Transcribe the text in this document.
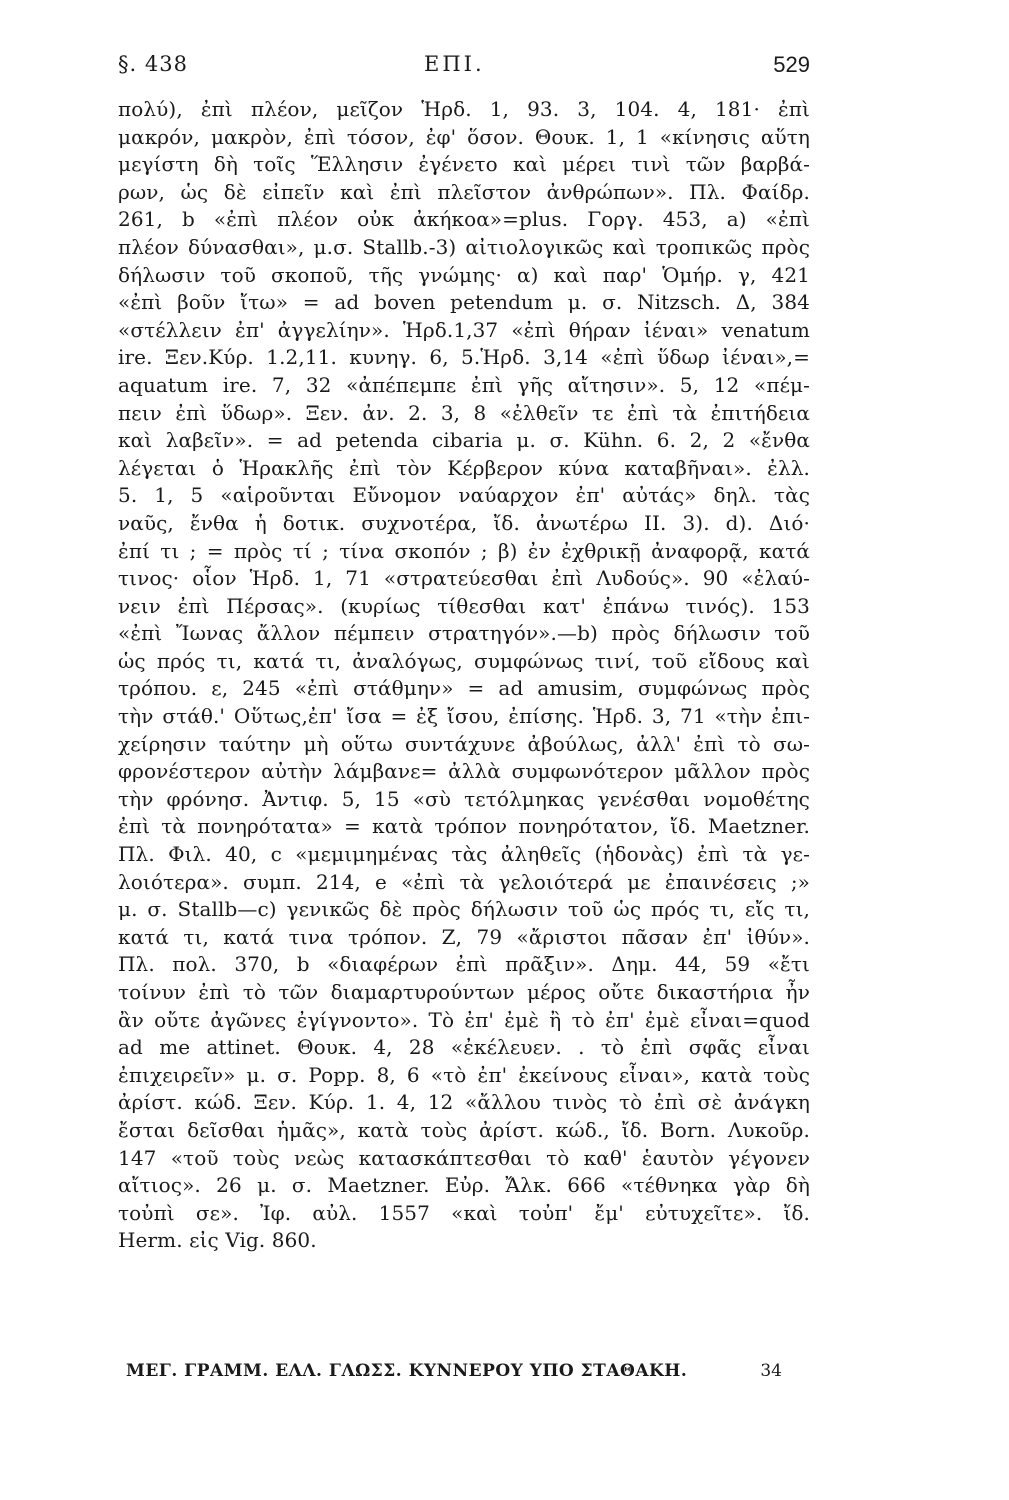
§. 438	ΕΠΙ.	529
πολύ), ἐπὶ πλέον, μεῖζον Ἡρδ. 1, 93. 3, 104. 4, 181· ἐπὶ
μακρόν, μακρὸν, ἐπὶ τόσον, ἐφ' ὅσον. Θουκ. 1, 1 «κίνησις αὕτη
μεγίστη δὴ τοῖς Ἕλλησιν ἐγένετο καὶ μέρει τινὶ τῶν βαρβά-
ρων, ὡς δὲ εἰπεῖν καὶ ἐπὶ πλεῖστον ἀνθρώπων». Πλ. Φαίδρ.
261, b «ἐπὶ πλέον οὐκ ἀκήκοα»=plus. Γοργ. 453, a) «ἐπὶ
πλέον δύνασθαι», μ.σ. Stallb.-3) αἰτιολογικῶς καὶ τροπικῶς πρὸς
δήλωσιν τοῦ σκοποῦ, τῆς γνώμης· α) καὶ παρ' Ὁμήρ. γ, 421
«ἐπὶ βοῦν ἴτω» = ad boven petendum μ. σ. Nitzsch. Δ, 384
«στέλλειν ἐπ' ἀγγελίην». Ἡρδ.1,37 «ἐπὶ θήραν ἰέναι» venatum
ire. Ξεν.Κύρ. 1.2,11. κυνηγ. 6, 5.Ἡρδ. 3,14 «ἐπὶ ὕδωρ ἰέναι»,=
aquatum ire. 7, 32 «ἀπέπεμπε ἐπὶ γῆς αἴτησιν». 5, 12 «πέμ-
πειν ἐπὶ ὕδωρ». Ξεν. ἀν. 2. 3, 8 «ἐλθεῖν τε ἐπὶ τὰ ἐπιτήδεια
καὶ λαβεῖν». = ad petenda cibaria μ. σ. Kühn. 6. 2, 2 «ἔνθα
λέγεται ὁ Ἡρακλῆς ἐπὶ τὸν Κέρβερον κύνα καταβῆναι». ἐλλ.
5. 1, 5 «αἱροῦνται Εὔνομον ναύαρχον ἐπ' αὐτάς» δηλ. τὰς
ναῦς, ἔνθα ἡ δοτικ. συχνοτέρα, ἴδ. ἀνωτέρω II. 3). d). Διό·
ἐπί τι ; = πρὸς τί ; τίνα σκοπόν ; β) ἐν ἐχθρικῇ ἀναφορᾷ, κατά
τινος· οἷον Ἡρδ. 1, 71 «στρατεύεσθαι ἐπὶ Λυδούς». 90 «ἐλαύ-
νειν ἐπὶ Πέρσας». (κυρίως τίθεσθαι κατ' ἐπάνω τινός). 153
«ἐπὶ Ἴωνας ἄλλον πέμπειν στρατηγόν».—b) πρὸς δήλωσιν τοῦ
ὡς πρός τι, κατά τι, ἀναλόγως, συμφώνως τινί, τοῦ εἴδους καὶ
τρόπου. ε, 245 «ἐπὶ στάθμην» = ad amusim, συμφώνως πρὸς
τὴν στάθ.' Οὕτως,ἐπ' ἴσα = ἐξ ἴσου, ἐπίσης. Ἡρδ. 3, 71 «τὴν ἐπι-
χείρησιν ταύτην μὴ οὕτω συντάχυνε ἀβούλως, ἀλλ' ἐπὶ τὸ σω-
φρονέστερον αὐτὴν λάμβανε= ἀλλὰ συμφωνότερον μᾶλλον πρὸς
τὴν φρόνησ. Ἀντιφ. 5, 15 «σὺ τετόλμηκας γενέσθαι νομοθέτης
ἐπὶ τὰ πονηρότατα» = κατὰ τρόπον πονηρότατον, ἴδ. Maetzner.
Πλ. Φιλ. 40, c «μεμιμημένας τὰς ἀληθεῖς (ἡδονὰς) ἐπὶ τὰ γε-
λοιότερα». συμπ. 214, e «ἐπὶ τὰ γελοιότερά με ἐπαινέσεις ;»
μ. σ. Stallb—c) γενικῶς δὲ πρὸς δήλωσιν τοῦ ὡς πρός τι, εἴς τι,
κατά τι, κατά τινα τρόπον. Ζ, 79 «ἄριστοι πᾶσαν ἐπ' ἰθύν».
Πλ. πολ. 370, b «διαφέρων ἐπὶ πρᾶξιν». Δημ. 44, 59 «ἔτι
τοίνυν ἐπὶ τὸ τῶν διαμαρτυρούντων μέρος οὔτε δικαστήρια ἦν
ἂν οὔτε ἀγῶνες ἐγίγνοντο». Τὸ ἐπ' ἐμὲ ἢ τὸ ἐπ' ἐμὲ εἶναι=quod
ad me attinet. Θουκ. 4, 28 «ἐκέλευεν. . τὸ ἐπὶ σφᾶς εἶναι
ἐπιχειρεῖν» μ. σ. Popp. 8, 6 «τὸ ἐπ' ἐκείνους εἶναι», κατὰ τοὺς
ἀρίστ. κώδ. Ξεν. Κύρ. 1. 4, 12 «ἄλλου τινὸς τὸ ἐπὶ σὲ ἀνάγκη
ἔσται δεῖσθαι ἡμᾶς», κατὰ τοὺς ἀρίστ. κώδ., ἴδ. Born. Λυκοῦρ.
147 «τοῦ τοὺς νεὼς κατασκάπτεσθαι τὸ καθ' ἑαυτὸν γέγονεν
αἴτιος». 26 μ. σ. Maetzner. Εὐρ. Ἄλκ. 666 «τέθνηκα γὰρ δὴ
τοὐπὶ σε». Ἰφ. αὐλ. 1557 «καὶ τοὐπ' ἔμ' εὐτυχεῖτε». ἴδ.
Herm. εἰς Vig. 860.
ΜΕΓ. ΓΡΑΜΜ. ΕΛΛ. ΓΛΩΣΣ. ΚΥΝΝΕΡΟΥ ΥΠΟ ΣΤΑΘΑΚΗ.	34
